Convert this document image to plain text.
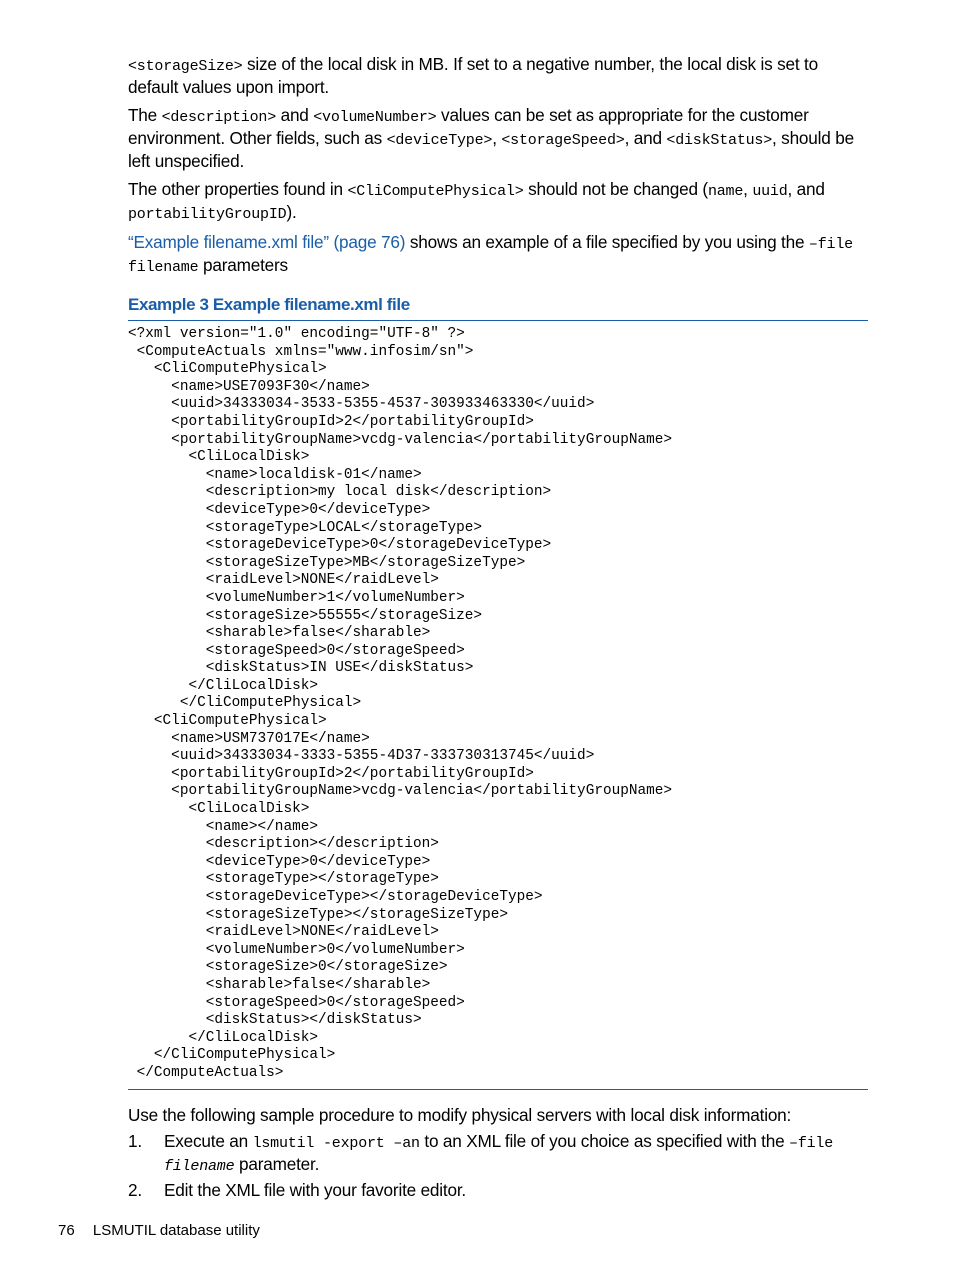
<storageSize> size of the local disk in MB. If set to a negative number, the local disk is set to default values upon import.

The <description> and <volumeNumber> values can be set as appropriate for the customer environment. Other fields, such as <deviceType>, <storageSpeed>, and <diskStatus>, should be left unspecified.

The other properties found in <CliComputePhysical> should not be changed (name, uuid, and portabilityGroupID).

“Example filename.xml file” (page 76) shows an example of a file specified by you using the –file filename parameters

Example 3 Example filename.xml file
<?xml version="1.0" encoding="UTF-8" ?>
<ComputeActuals xmlns="www.infosim/sn">
<CliComputePhysical>
<name>USE7093F30</name>
<uuid>34333034-3533-5355-4537-303933463330</uuid>
<portabilityGroupId>2</portabilityGroupId>
<portabilityGroupName>vcdg-valencia</portabilityGroupName>
<CliLocalDisk>
<name>localdisk-01</name>
<description>my local disk</description>
<deviceType>0</deviceType>
<storageType>LOCAL</storageType>
<storageDeviceType>0</storageDeviceType>
<storageSizeType>MB</storageSizeType>
<raidLevel>NONE</raidLevel>
<volumeNumber>1</volumeNumber>
<storageSize>55555</storageSize>
<sharable>false</sharable>
<storageSpeed>0</storageSpeed>
<diskStatus>IN USE</diskStatus>
</CliLocalDisk>
</CliComputePhysical>
<CliComputePhysical>
<name>USM737017E</name>
<uuid>34333034-3333-5355-4D37-333730313745</uuid>
<portabilityGroupId>2</portabilityGroupId>
<portabilityGroupName>vcdg-valencia</portabilityGroupName>
<CliLocalDisk>
<name></name>
<description></description>
<deviceType>0</deviceType>
<storageType></storageType>
<storageDeviceType></storageDeviceType>
<storageSizeType></storageSizeType>
<raidLevel>NONE</raidLevel>
<volumeNumber>0</volumeNumber>
<storageSize>0</storageSize>
<sharable>false</sharable>
<storageSpeed>0</storageSpeed>
<diskStatus></diskStatus>
</CliLocalDisk>
</CliComputePhysical>
</ComputeActuals>

Use the following sample procedure to modify physical servers with local disk information:

1. Execute an lsmutil -export –an to an XML file of you choice as specified with the –file
filename parameter.
2. Edit the XML file with your favorite editor.
76 LSMUTIL database utility
